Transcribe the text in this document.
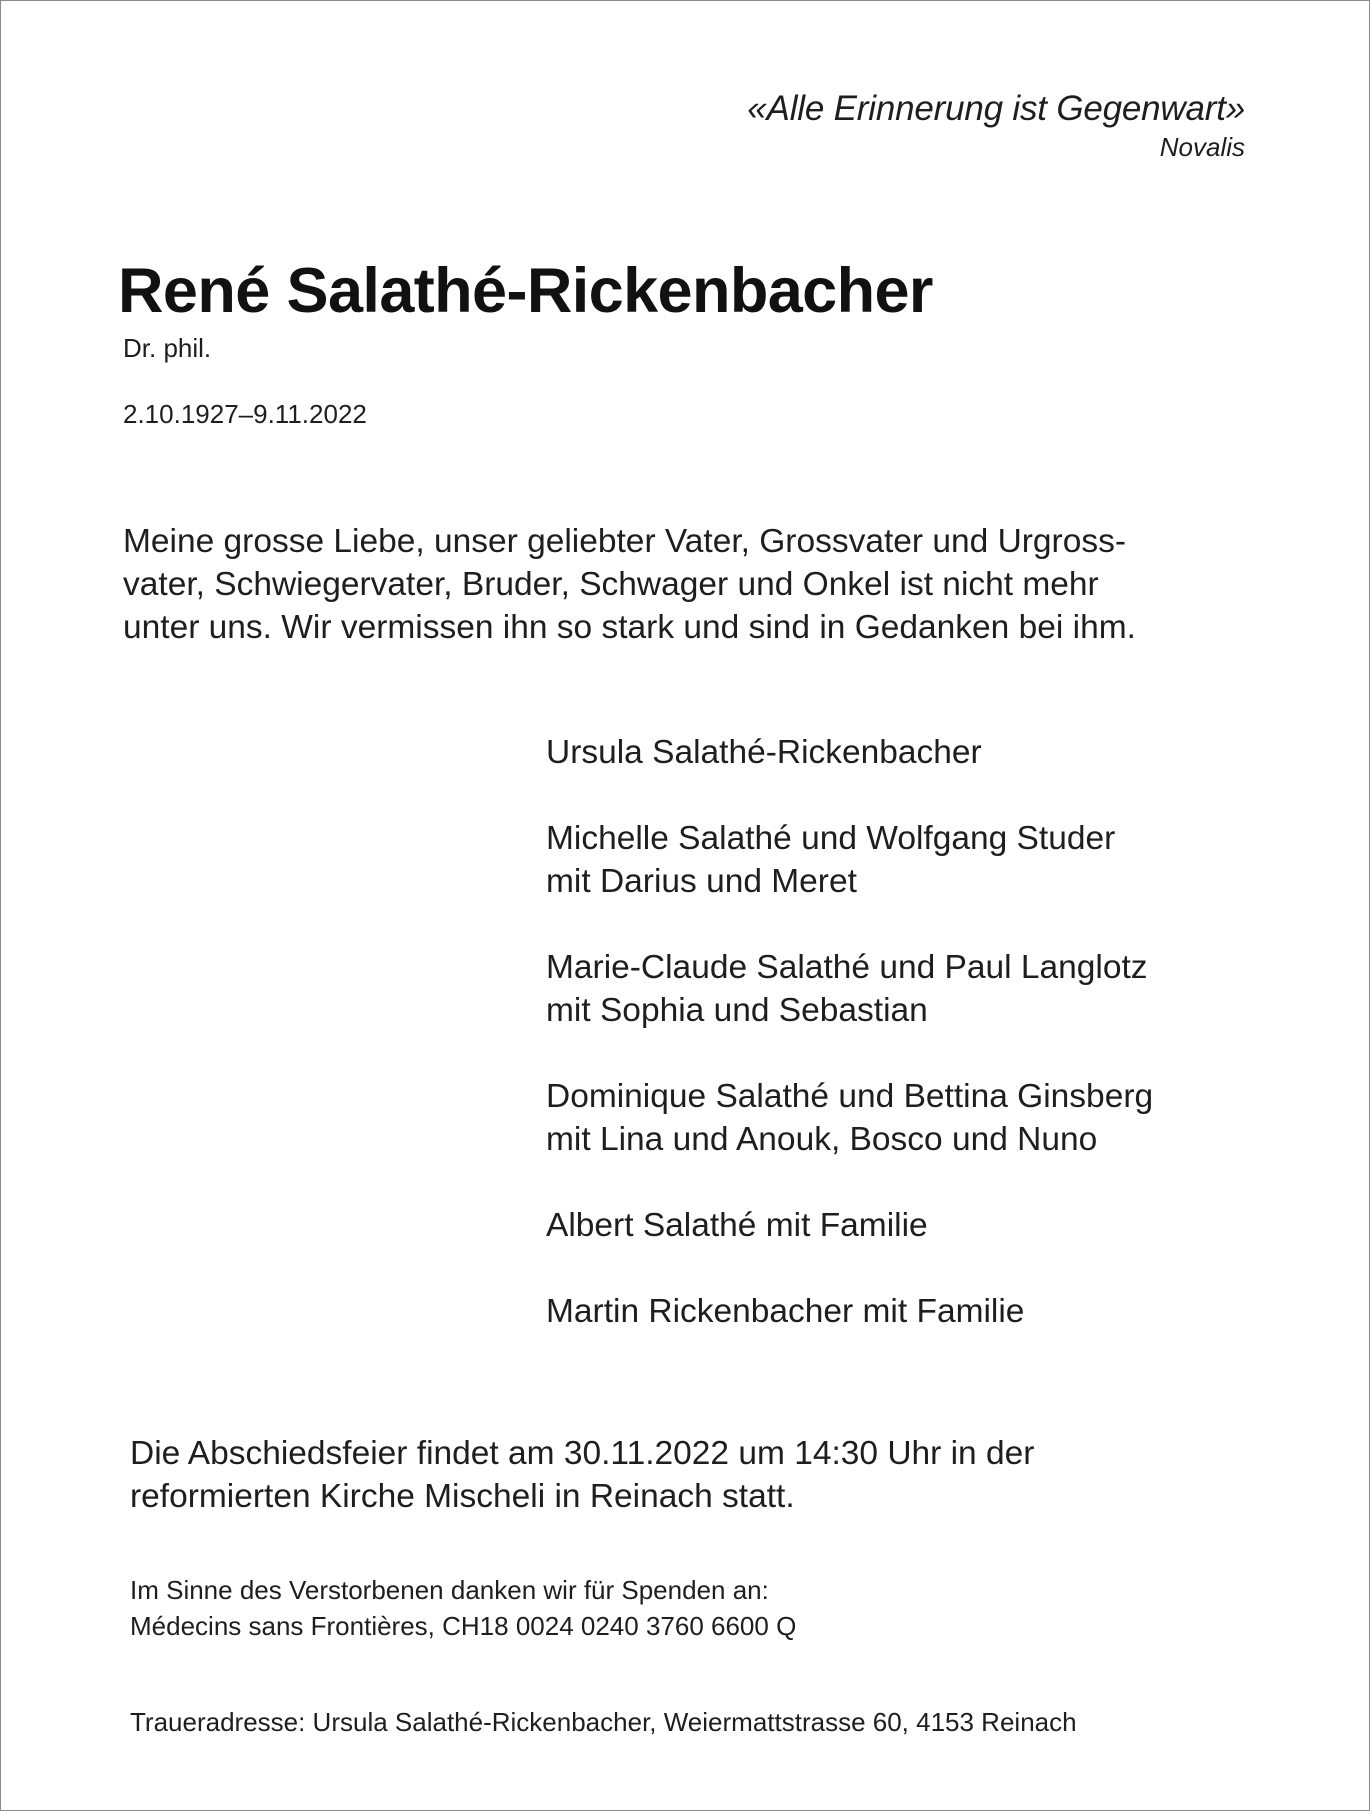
«Alle Erinnerung ist Gegenwart»
Novalis
René Salathé-Rickenbacher
Dr. phil.
2.10.1927–9.11.2022
Meine grosse Liebe, unser geliebter Vater, Grossvater und Urgross-
vater, Schwiegervater, Bruder, Schwager und Onkel ist nicht mehr
unter uns. Wir vermissen ihn so stark und sind in Gedanken bei ihm.
Ursula Salathé-Rickenbacher
Michelle Salathé und Wolfgang Studer
mit Darius und Meret
Marie-Claude Salathé und Paul Langlotz
mit Sophia und Sebastian
Dominique Salathé und Bettina Ginsberg
mit Lina und Anouk, Bosco und Nuno
Albert Salathé mit Familie
Martin Rickenbacher mit Familie
Die Abschiedsfeier findet am 30.11.2022 um 14:30 Uhr in der
reformierten Kirche Mischeli in Reinach statt.
Im Sinne des Verstorbenen danken wir für Spenden an:
Médecins sans Frontières, CH18 0024 0240 3760 6600 Q
Traueradresse: Ursula Salathé-Rickenbacher, Weiermattstrasse 60, 4153 Reinach
